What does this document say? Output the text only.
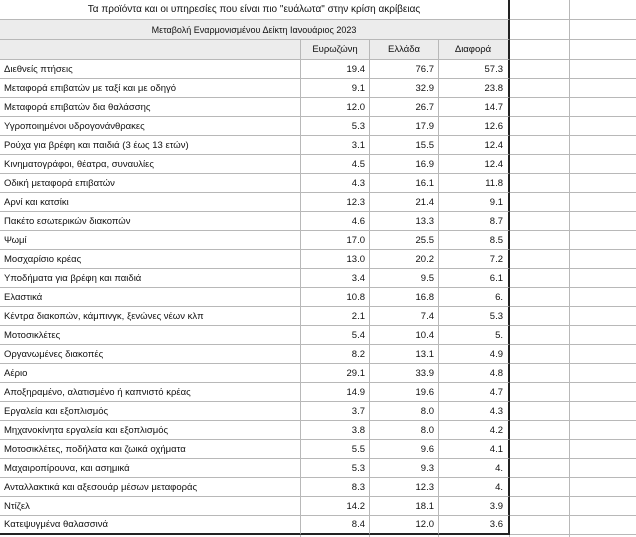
Τα προϊόντα και οι υπηρεσίες που είναι πιο "ευάλωτα" στην κρίση ακρίβειας
Μεταβολή Εναρμονισμένου Δείκτη Ιανουάριος 2023
Ευρωζώνη	Ελλάδα	Διαφορά
Διεθνείς πτήσεις	19.4	76.7	57.3
Μεταφορά επιβατών με ταξί και με οδηγό	9.1	32.9	23.8
Μεταφορά επιβατών δια θαλάσσης	12.0	26.7	14.7
Υγροποιημένοι υδρογονάνθρακες	5.3	17.9	12.6
Ρούχα για βρέφη και παιδιά (3 έως 13 ετών)	3.1	15.5	12.4
Κινηματογράφοι, θέατρα, συναυλίες	4.5	16.9	12.4
Οδική μεταφορά επιβατών	4.3	16.1	11.8
Αρνί και κατσίκι	12.3	21.4	9.1
Πακέτο εσωτερικών διακοπών	4.6	13.3	8.7
Ψωμί	17.0	25.5	8.5
Μοσχαρίσιο κρέας	13.0	20.2	7.2
Υποδήματα για βρέφη και παιδιά	3.4	9.5	6.1
Ελαστικά	10.8	16.8	6.
Κέντρα διακοπών, κάμπινγκ, ξενώνες νέων κλπ	2.1	7.4	5.3
Μοτοσικλέτες	5.4	10.4	5.
Οργανωμένες διακοπές	8.2	13.1	4.9
Αέριο	29.1	33.9	4.8
Αποξηραμένο, αλατισμένο ή καπνιστό κρέας	14.9	19.6	4.7
Εργαλεία και εξοπλισμός	3.7	8.0	4.3
Μηχανοκίνητα εργαλεία και εξοπλισμός	3.8	8.0	4.2
Μοτοσικλέτες, ποδήλατα και ζωικά οχήματα	5.5	9.6	4.1
Μαχαιροπίρουνα, και ασημικά	5.3	9.3	4.
Ανταλλακτικά και αξεσουάρ μέσων μεταφοράς	8.3	12.3	4.
Ντίζελ	14.2	18.1	3.9
Κατεψυγμένα θαλασσινά	8.4	12.0	3.6
